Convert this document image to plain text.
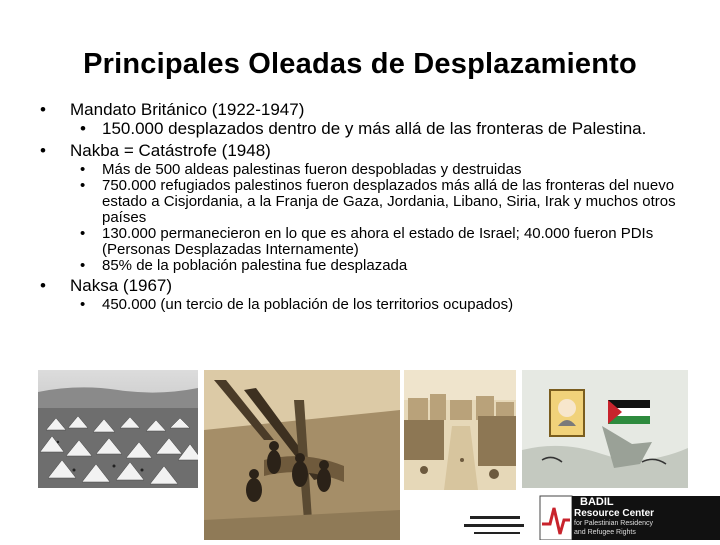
Principales Oleadas de Desplazamiento
• Mandato Británico (1922-1947)
• 150.000 desplazados dentro de y más allá de las fronteras de Palestina.
• Nakba = Catástrofe (1948)
• Más de 500 aldeas palestinas fueron despobladas y destruidas
• 750.000 refugiados palestinos fueron desplazados más allá de las fronteras del nuevo estado a Cisjordania, a la Franja de Gaza, Jordania, Libano, Siria, Irak y muchos otros países
• 130.000 permanecieron en lo que es ahora el estado de Israel; 40.000 fueron PDIs (Personas Desplazadas Internamente)
• 85% de la población palestina fue desplazada
• Naksa (1967)
• 450.000 (un tercio de la población de los territorios ocupados)
BADIL
Resource Center
for Palestinian Residency
and Refugee Rights
